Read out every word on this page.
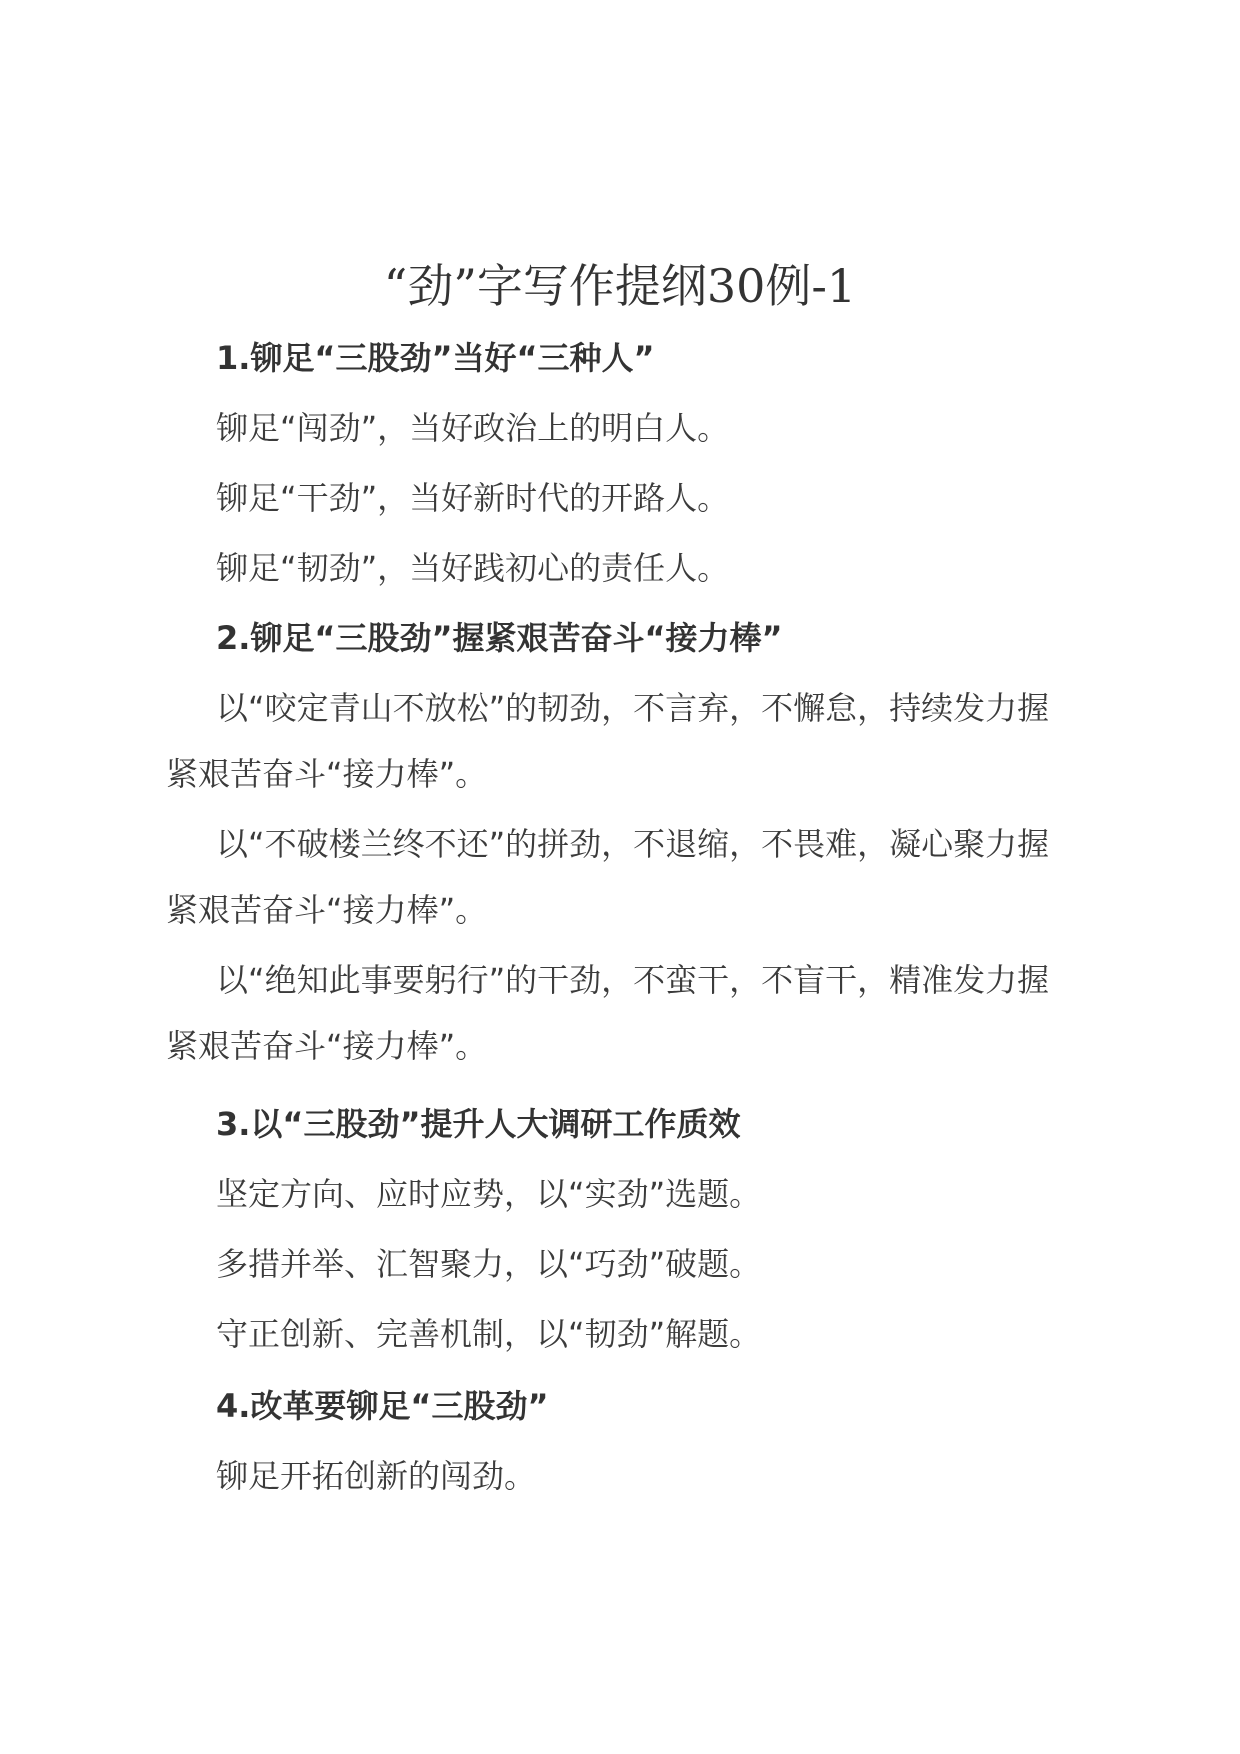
“劲”字写作提纲30例-1

1.铆足“三股劲”当好“三种人”

铆足“闯劲”，当好政治上的明白人。

铆足“干劲”，当好新时代的开路人。

铆足“韧劲”，当好践初心的责任人。

2.铆足“三股劲”握紧艰苦奋斗“接力棒”

以“咬定青山不放松”的韧劲，不言弃，不懈怠，持续发力握

紧艰苦奋斗“接力棒”。

以“不破楼兰终不还”的拼劲，不退缩，不畏难，凝心聚力握

紧艰苦奋斗“接力棒”。

以“绝知此事要躬行”的干劲，不蛮干，不盲干，精准发力握

紧艰苦奋斗“接力棒”。

3.以“三股劲”提升人大调研工作质效

坚定方向、应时应势，以“实劲”选题。

多措并举、汇智聚力，以“巧劲”破题。

守正创新、完善机制，以“韧劲”解题。

4.改革要铆足“三股劲”

铆足开拓创新的闯劲。
